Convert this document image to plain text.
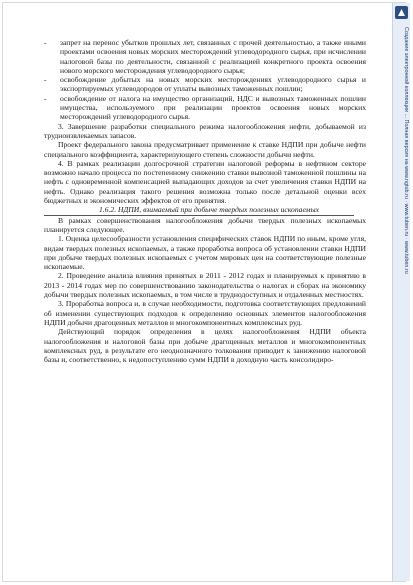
Создание электронной коллекции ... Полная версия на www.ngtub.ru · www.tuben.ru · www.tuben.ru
- запрет на перенос убытков прошлых лет, связанных с прочей деятельностью, а также иными проектами освоения новых морских месторождений углеводородного сырья, при исчислении налоговой базы по деятельности, связанной с реализацией конкретного проекта освоения нового морского месторождения углеводородного сырья;
- освобождение добытых на новых морских месторождениях углеводородного сырья и экспортируемых углеводородов от уплаты вывозных таможенных пошлин;
- освобождение от налога на имущество организаций, НДС и вывозных таможенных пошлин имущества, используемого при реализации проектов освоения новых морских месторождений углеводородного сырья.

3. Завершение разработки специального режима налогообложения нефти, добываемой из трудноизвлекаемых запасов.

Проект федерального закона предусматривает применение к ставке НДПИ при добыче нефти специального коэффициента, характеризующего степень сложности добычи нефти.

4. В рамках реализации долгосрочной стратегии налоговой реформы в нефтяном секторе возможно начало процесса по постепенному снижению ставки вывозной таможенной пошлины на нефть с одновременной компенсацией выпадающих доходов за счет увеличения ставки НДПИ на нефть. Однако реализация такого решения возможна только после детальной оценки всех бюджетных и экономических эффектов от его принятия.

1.6.2. НДПИ, взимаемый при добыче твердых полезных ископаемых

В рамках совершенствования налогообложения добычи твердых полезных ископаемых планируется следующее.

1. Оценка целесообразности установления специфических ставок НДПИ по иным, кроме угля, видам твердых полезных ископаемых, а также проработка вопроса об установлении ставки НДПИ при добыче твердых полезных ископаемых с учетом мировых цен на соответствующие полезные ископаемые.

2. Проведение анализа влияния принятых в 2011 - 2012 годах и планируемых к принятию в 2013 - 2014 годах мер по совершенствованию законодательства о налогах и сборах на экономику добычи твердых полезных ископаемых, в том числе в труднодоступных и отдаленных местностях.

3. Проработка вопроса и, в случае необходимости, подготовка соответствующих предложений об изменении существующих подходов к определению основных элементов налогообложения НДПИ добычи драгоценных металлов и многокомпонентных комплексных руд.

Действующий порядок определения в целях налогообложения НДПИ объекта налогообложения и налоговой базы при добыче драгоценных металлов и многокомпонентных комплексных руд, в результате его неоднозначного толкования приводит к занижению налоговой базы и, соответственно, к недопоступлению сумм НДПИ в доходную часть консолидиро-
